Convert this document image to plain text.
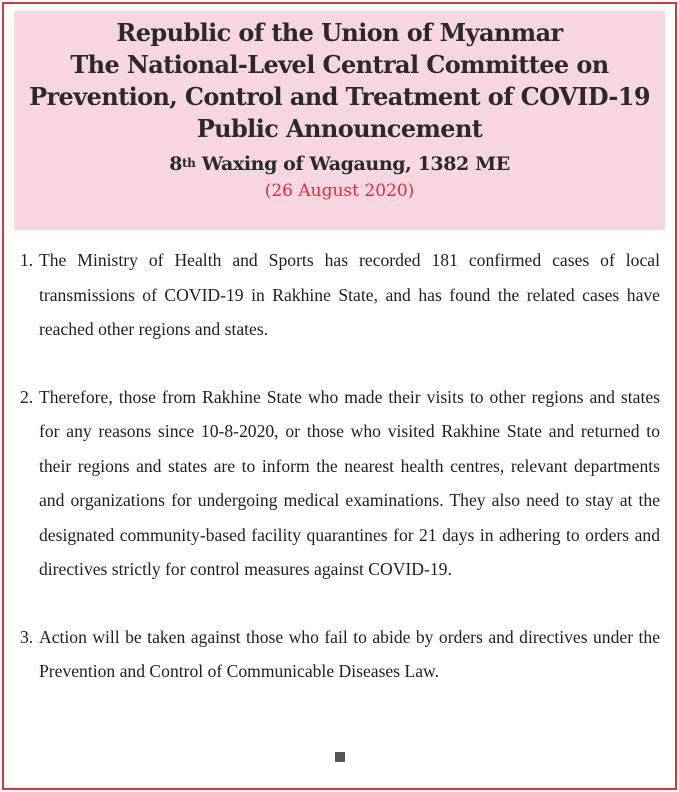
Republic of the Union of Myanmar
The National-Level Central Committee on
Prevention, Control and Treatment of COVID-19
Public Announcement
8th Waxing of Wagaung, 1382 ME
(26 August 2020)
1. The Ministry of Health and Sports has recorded 181 confirmed cases of local transmissions of COVID-19 in Rakhine State, and has found the related cases have reached other regions and states.
2. Therefore, those from Rakhine State who made their visits to other regions and states for any reasons since 10-8-2020, or those who visited Rakhine State and returned to their regions and states are to inform the nearest health centres, relevant departments and organizations for undergoing medical examinations. They also need to stay at the designated community-based facility quarantines for 21 days in adhering to orders and directives strictly for control measures against COVID-19.
3. Action will be taken against those who fail to abide by orders and directives under the Prevention and Control of Communicable Diseases Law.
